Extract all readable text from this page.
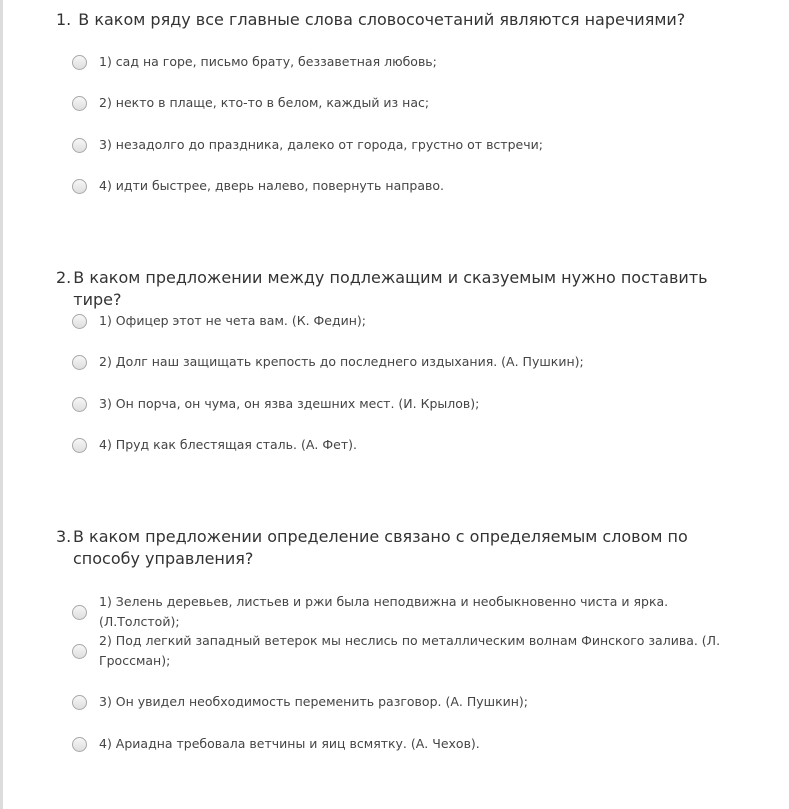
1. В каком ряду все главные слова словосочетаний являются наречиями?
1) сад на горе, письмо брату, беззаветная любовь;
2) некто в плаще, кто-то в белом, каждый из нас;
3) незадолго до праздника, далеко от города, грустно от встречи;
4) идти быстрее, дверь налево, повернуть направо.
2. В каком предложении между подлежащим и сказуемым нужно поставить тире?
1) Офицер этот не чета вам. (К. Федин);
2) Долг наш защищать крепость до последнего издыхания. (А. Пушкин);
3) Он порча, он чума, он язва здешних мест. (И. Крылов);
4) Пруд как блестящая сталь. (А. Фет).
3. В каком предложении определение связано с определяемым словом по способу управления?
1) Зелень деревьев, листьев и ржи была неподвижна и необыкновенно чиста и ярка. (Л.Толстой);
2) Под легкий западный ветерок мы неслись по металлическим волнам Финского залива. (Л. Гроссман);
3) Он увидел необходимость переменить разговор. (А. Пушкин);
4) Ариадна требовала ветчины и яиц всмятку. (А. Чехов).
